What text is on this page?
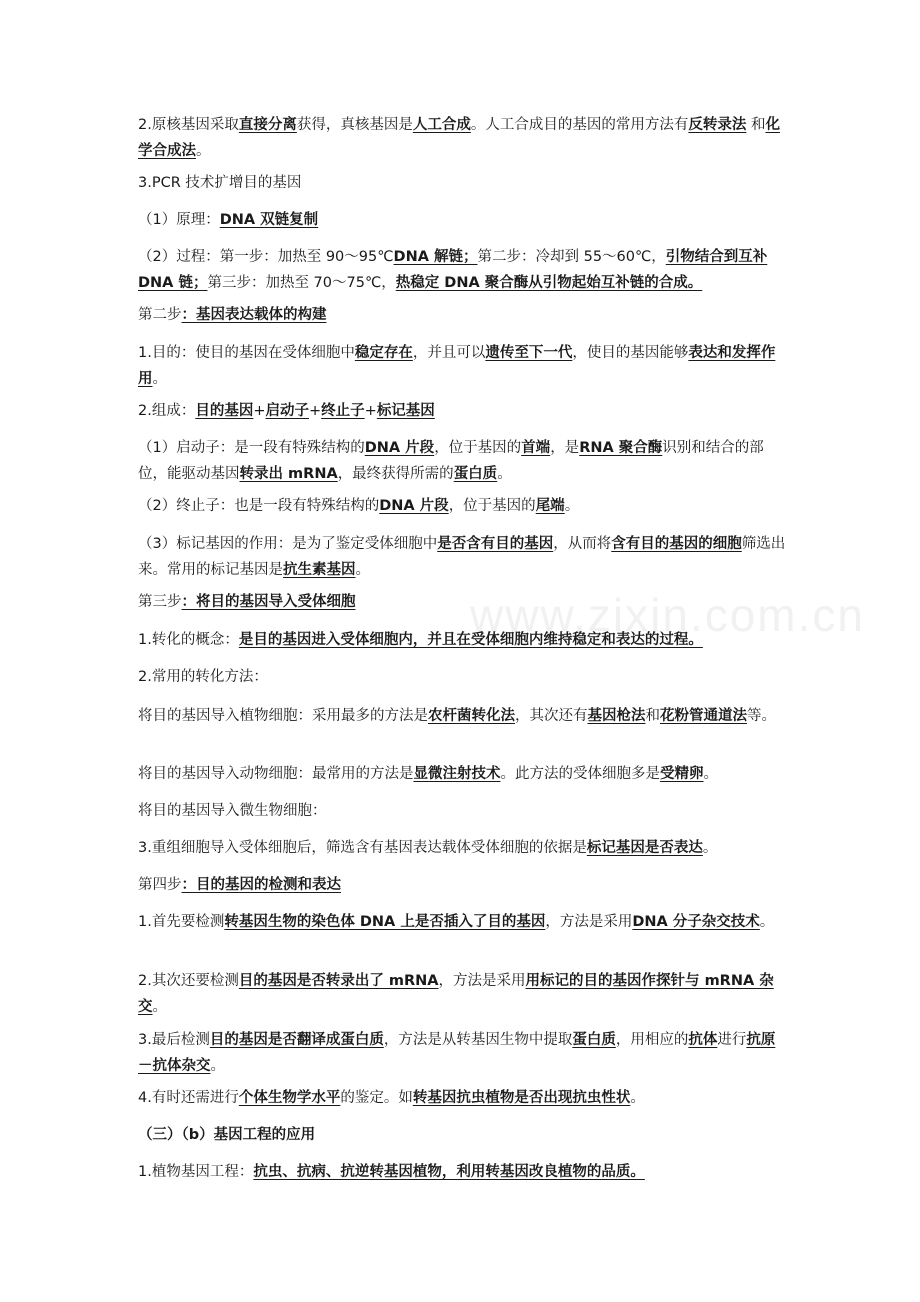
www.zixin.com.cn

2.原核基因采取直接分离获得，真核基因是人工合成。人工合成目的基因的常用方法有反转录法 和化学合成法。

3.PCR 技术扩增目的基因

（1）原理：DNA 双链复制

（2）过程：第一步：加热至 90～95℃DNA 解链；第二步：冷却到 55～60℃，引物结合到互补 DNA 链；第三步：加热至 70～75℃，热稳定 DNA 聚合酶从引物起始互补链的合成。

第二步：基因表达载体的构建

1.目的：使目的基因在受体细胞中稳定存在，并且可以遗传至下一代，使目的基因能够表达和发挥作用。

2.组成：目的基因+启动子+终止子+标记基因

（1）启动子：是一段有特殊结构的DNA 片段，位于基因的首端，是RNA 聚合酶识别和结合的部位，能驱动基因转录出 mRNA，最终获得所需的蛋白质。

（2）终止子：也是一段有特殊结构的DNA 片段，位于基因的尾端。

（3）标记基因的作用：是为了鉴定受体细胞中是否含有目的基因，从而将含有目的基因的细胞筛选出来。常用的标记基因是抗生素基因。

第三步：将目的基因导入受体细胞

1.转化的概念：是目的基因进入受体细胞内，并且在受体细胞内维持稳定和表达的过程。

2.常用的转化方法：

将目的基因导入植物细胞：采用最多的方法是农杆菌转化法，其次还有基因枪法和花粉管通道法等。

将目的基因导入动物细胞：最常用的方法是显微注射技术。此方法的受体细胞多是受精卵。

将目的基因导入微生物细胞：

3.重组细胞导入受体细胞后，筛选含有基因表达载体受体细胞的依据是标记基因是否表达。

第四步：目的基因的检测和表达

1.首先要检测转基因生物的染色体 DNA 上是否插入了目的基因，方法是采用DNA 分子杂交技术。

2.其次还要检测目的基因是否转录出了 mRNA，方法是采用用标记的目的基因作探针与 mRNA 杂交。

3.最后检测目的基因是否翻译成蛋白质，方法是从转基因生物中提取蛋白质，用相应的抗体进行抗原－抗体杂交。

4.有时还需进行个体生物学水平的鉴定。如转基因抗虫植物是否出现抗虫性状。

（三）（b）基因工程的应用

1.植物基因工程：抗虫、抗病、抗逆转基因植物，利用转基因改良植物的品质。
